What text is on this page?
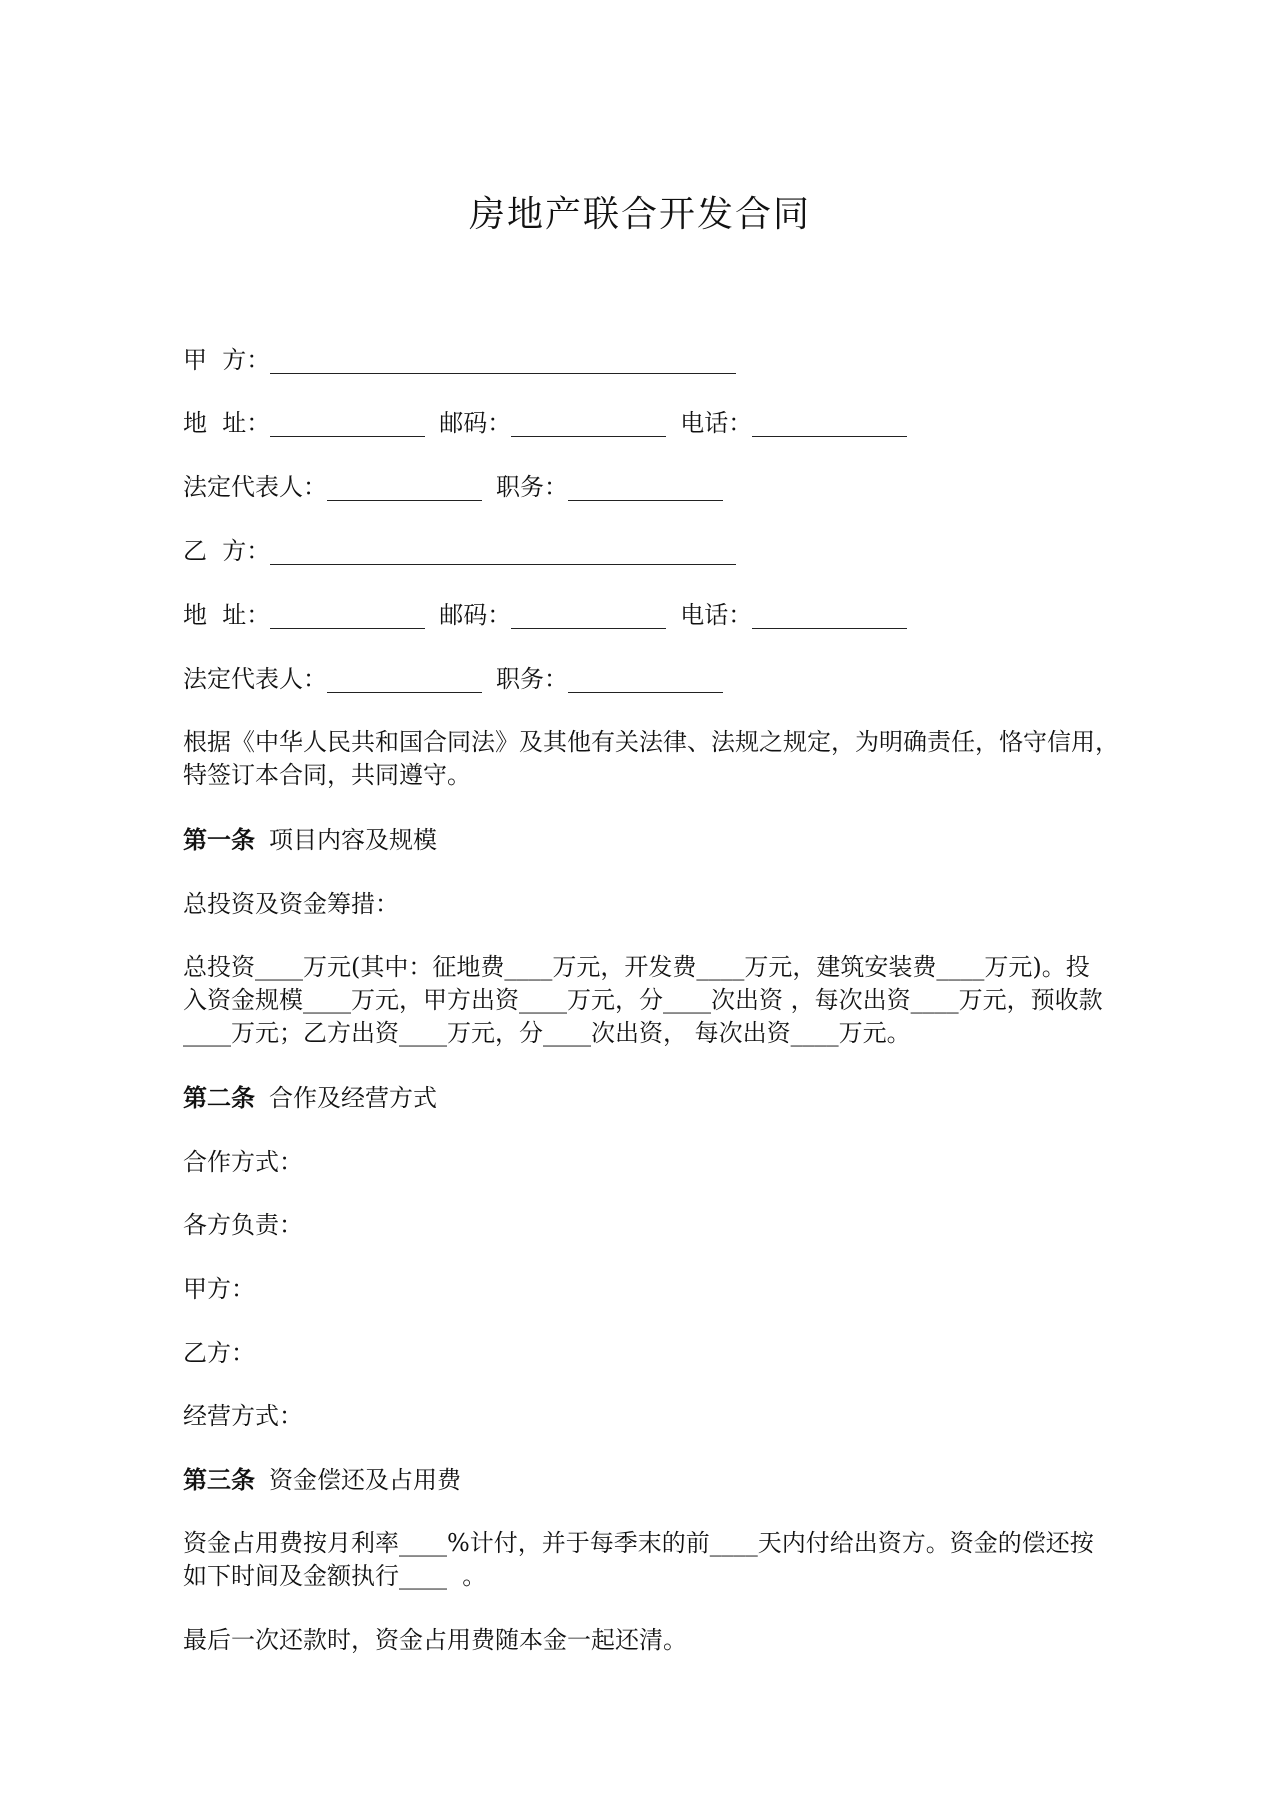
房地产联合开发合同
甲  方：
地  址：	邮码：	电话：
法定代表人：	职务：
乙  方：
地  址：	邮码：	电话：
法定代表人：	职务：

根据《中华人民共和国合同法》及其他有关法律、法规之规定，为明确责任，恪守信用，

特签订本合同，共同遵守。

第一条 项目内容及规模
总投资及资金筹措：

总投资____万元(其中：征地费____万元，开发费____万元，建筑安装费____万元)。投

入资金规模____万元，甲方出资____万元，分____次出资 ，每次出资____万元，预收款

____万元；乙方出资____万元，分____次出资， 每次出资____万元。

第二条 合作及经营方式
合作方式：
各方负责：
甲方：
乙方：
经营方式：
第三条 资金偿还及占用费

资金占用费按月利率____%计付，并于每季末的前____天内付给出资方。资金的偿还按

如下时间及金额执行____  。

最后一次还款时，资金占用费随本金一起还清。
